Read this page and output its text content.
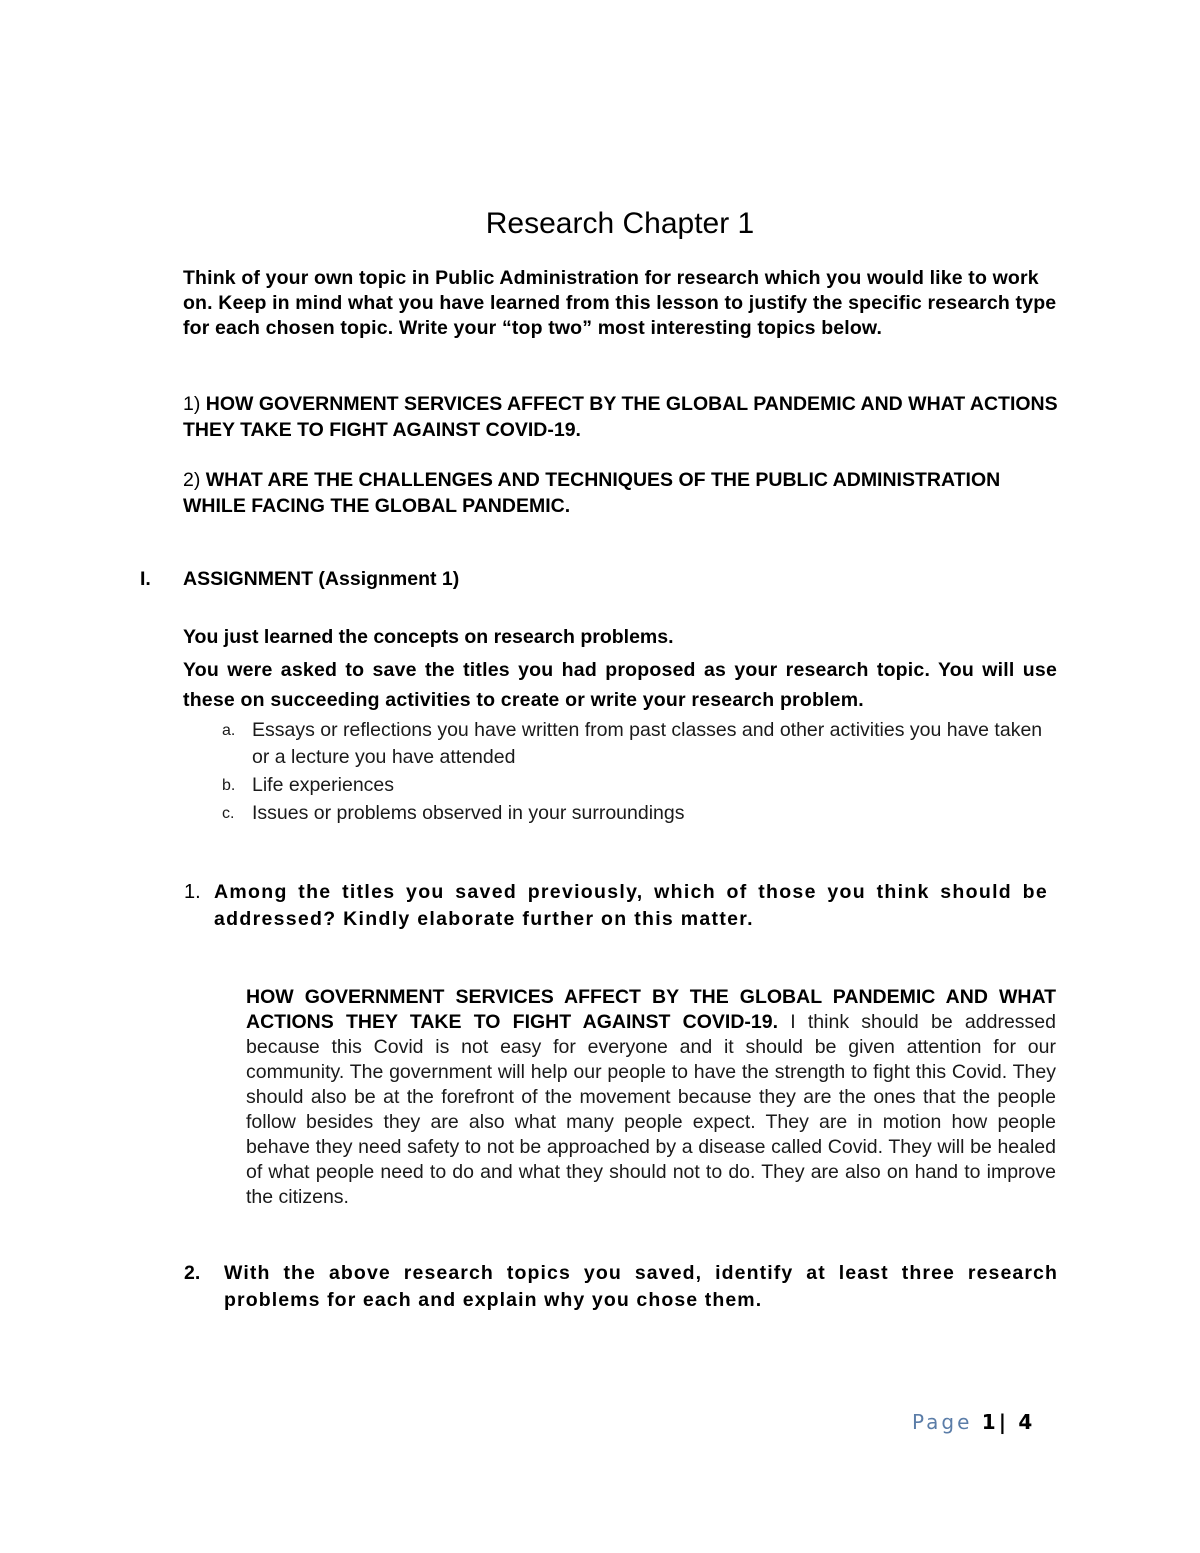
Research Chapter 1
Think of your own topic in Public Administration for research which you would like to work on. Keep in mind what you have learned from this lesson to justify the specific research type for each chosen topic. Write your “top two” most interesting topics below.
1) HOW GOVERNMENT SERVICES AFFECT BY THE GLOBAL PANDEMIC AND WHAT ACTIONS THEY TAKE TO FIGHT AGAINST COVID-19.
2) WHAT ARE THE CHALLENGES AND TECHNIQUES OF THE PUBLIC ADMINISTRATION WHILE FACING THE GLOBAL PANDEMIC.
I. ASSIGNMENT (Assignment 1)
You just learned the concepts on research problems.
You were asked to save the titles you had proposed as your research topic. You will use these on succeeding activities to create or write your research problem.
a. Essays or reflections you have written from past classes and other activities you have taken or a lecture you have attended
b. Life experiences
c. Issues or problems observed in your surroundings
1. Among the titles you saved previously, which of those you think should be addressed? Kindly elaborate further on this matter.
HOW GOVERNMENT SERVICES AFFECT BY THE GLOBAL PANDEMIC AND WHAT ACTIONS THEY TAKE TO FIGHT AGAINST COVID-19. I think should be addressed because this Covid is not easy for everyone and it should be given attention for our community. The government will help our people to have the strength to fight this Covid. They should also be at the forefront of the movement because they are the ones that the people follow besides they are also what many people expect. They are in motion how people behave they need safety to not be approached by a disease called Covid. They will be healed of what people need to do and what they should not to do. They are also on hand to improve the citizens.
2.	With the above research topics you saved, identify at least three research problems for each and explain why you chose them.
Page 1| 4
